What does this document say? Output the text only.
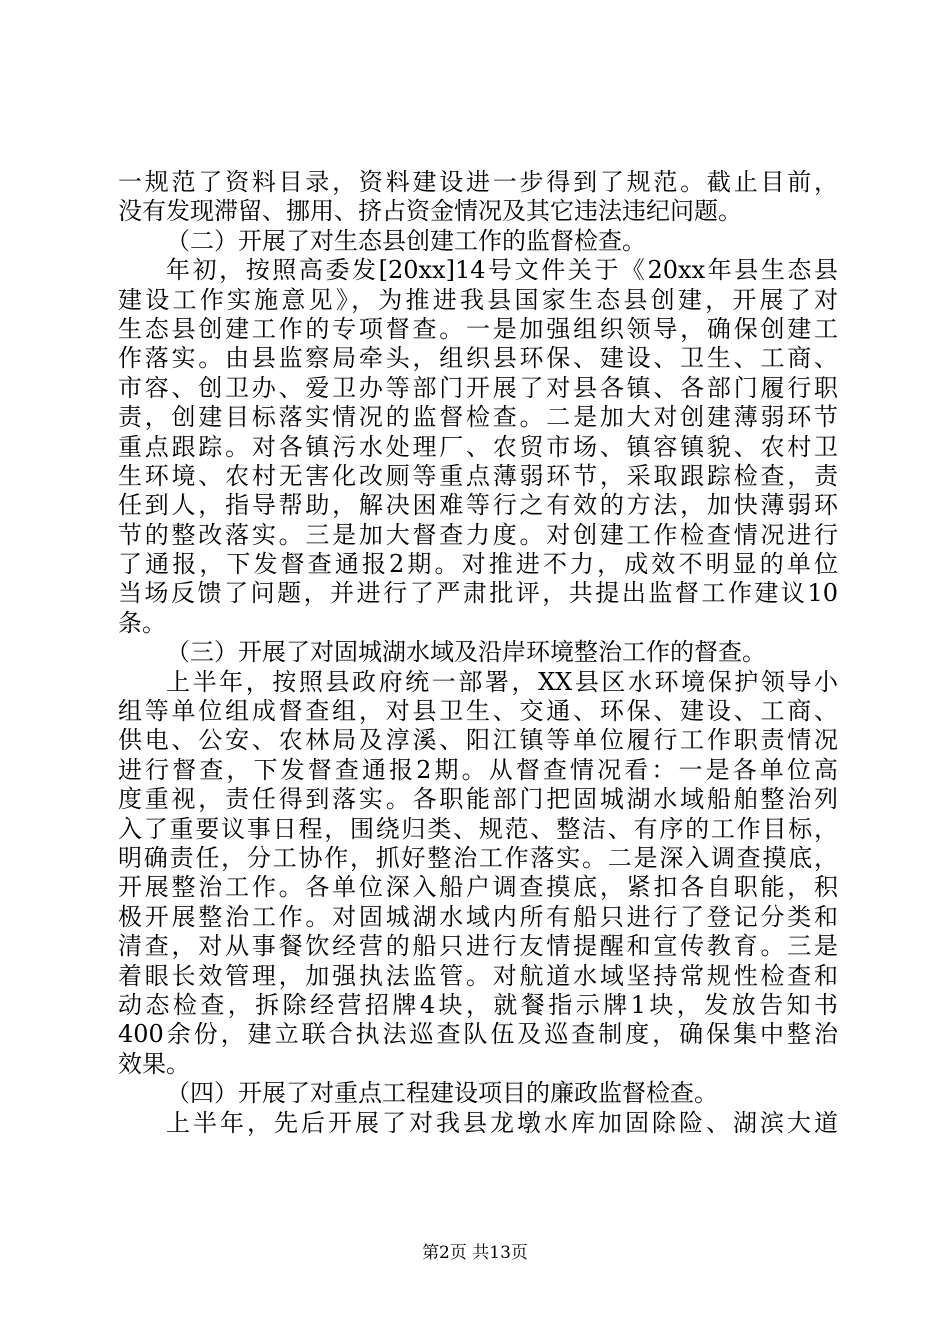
一规范了资料目录，资料建设进一步得到了规范。截止目前，
没有发现滞留、挪用、挤占资金情况及其它违法违纪问题。
（二）开展了对生态县创建工作的监督检查。
年初，按照高委发[20xx]14号文件关于《20xx年县生态县
建设工作实施意见》，为推进我县国家生态县创建，开展了对
生态县创建工作的专项督查。一是加强组织领导，确保创建工
作落实。由县监察局牵头，组织县环保、建设、卫生、工商、
市容、创卫办、爱卫办等部门开展了对县各镇、各部门履行职
责，创建目标落实情况的监督检查。二是加大对创建薄弱环节
重点跟踪。对各镇污水处理厂、农贸市场、镇容镇貌、农村卫
生环境、农村无害化改厕等重点薄弱环节，采取跟踪检查，责
任到人，指导帮助，解决困难等行之有效的方法，加快薄弱环
节的整改落实。三是加大督查力度。对创建工作检查情况进行
了通报，下发督查通报2期。对推进不力，成效不明显的单位
当场反馈了问题，并进行了严肃批评，共提出监督工作建议10
条。
（三）开展了对固城湖水域及沿岸环境整治工作的督查。
上半年，按照县政府统一部署，XX县区水环境保护领导小
组等单位组成督查组，对县卫生、交通、环保、建设、工商、
供电、公安、农林局及淳溪、阳江镇等单位履行工作职责情况
进行督查，下发督查通报2期。从督查情况看：一是各单位高
度重视，责任得到落实。各职能部门把固城湖水域船舶整治列
入了重要议事日程，围绕归类、规范、整洁、有序的工作目标，
明确责任，分工协作，抓好整治工作落实。二是深入调查摸底，
开展整治工作。各单位深入船户调查摸底，紧扣各自职能，积
极开展整治工作。对固城湖水域内所有船只进行了登记分类和
清查，对从事餐饮经营的船只进行友情提醒和宣传教育。三是
着眼长效管理，加强执法监管。对航道水域坚持常规性检查和
动态检查，拆除经营招牌4块，就餐指示牌1块，发放告知书
400余份，建立联合执法巡查队伍及巡查制度，确保集中整治
效果。
（四）开展了对重点工程建设项目的廉政监督检查。
上半年，先后开展了对我县龙墩水库加固除险、湖滨大道
第2页 共13页
